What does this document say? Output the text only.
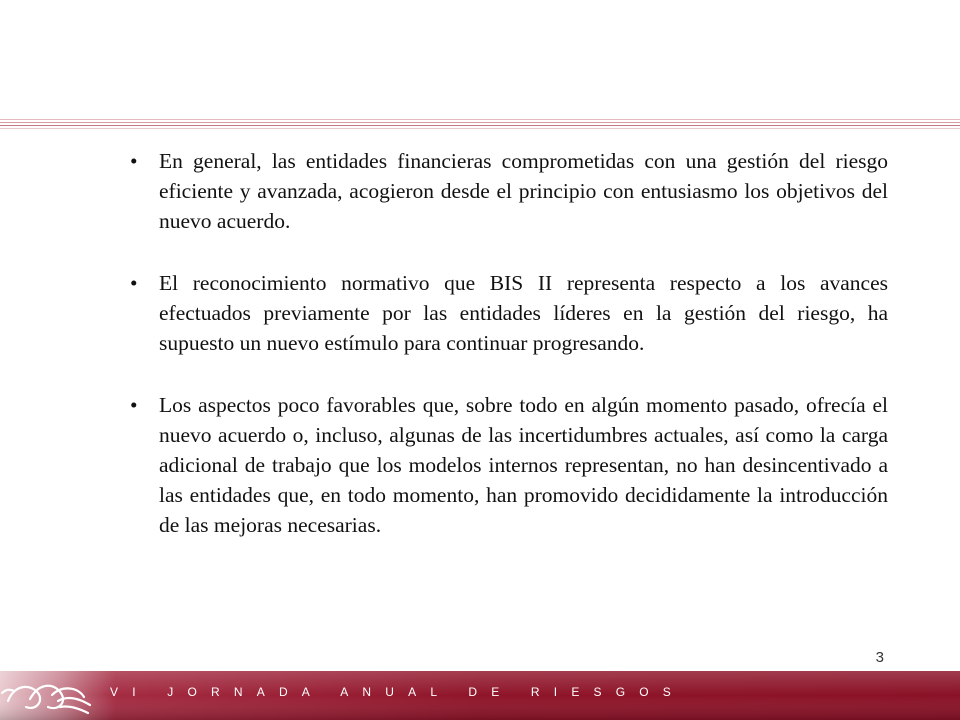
• En general, las entidades financieras comprometidas con una gestión del riesgo eficiente y avanzada, acogieron desde el principio con entusiasmo los objetivos del nuevo acuerdo.
• El reconocimiento normativo que BIS II representa respecto a los avances efectuados previamente por las entidades líderes en la gestión del riesgo, ha supuesto un nuevo estímulo para continuar progresando.
• Los aspectos poco favorables que, sobre todo en algún momento pasado, ofrecía el nuevo acuerdo o, incluso, algunas de las incertidumbres actuales, así como la carga adicional de trabajo que los modelos internos representan, no han desincentivado a las entidades que, en todo momento, han promovido decididamente la introducción de las mejoras necesarias.
3
VI JORNADA ANUAL DE RIESGOS
